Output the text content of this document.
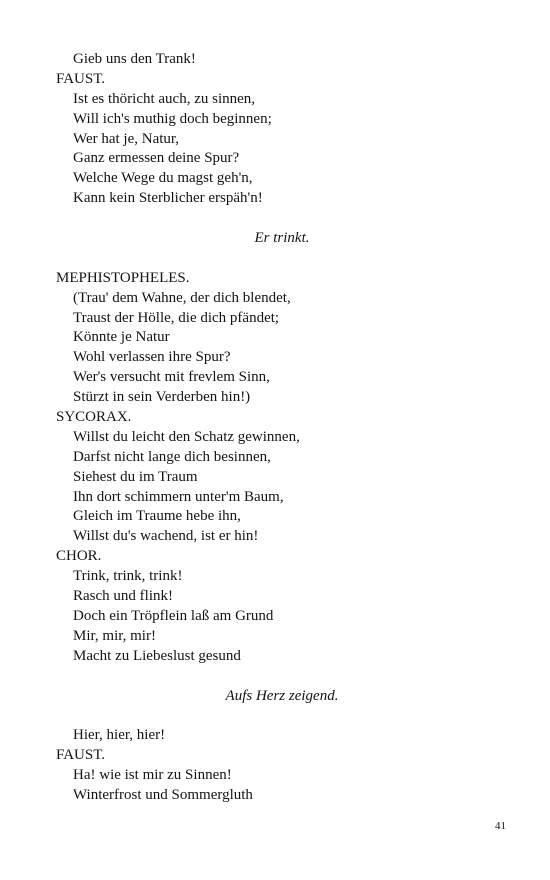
Gieb uns den Trank!
FAUST.
Ist es thöricht auch, zu sinnen,
Will ich's muthig doch beginnen;
Wer hat je, Natur,
Ganz ermessen deine Spur?
Welche Wege du magst geh'n,
Kann kein Sterblicher erspäh'n!
Er trinkt.
MEPHISTOPHELES.
(Trau' dem Wahne, der dich blendet,
Traust der Hölle, die dich pfändet;
Könnte je Natur
Wohl verlassen ihre Spur?
Wer's versucht mit frevlem Sinn,
Stürzt in sein Verderben hin!)
SYCORAX.
Willst du leicht den Schatz gewinnen,
Darfst nicht lange dich besinnen,
Siehest du im Traum
Ihn dort schimmern unter'm Baum,
Gleich im Traume hebe ihn,
Willst du's wachend, ist er hin!
CHOR.
Trink, trink, trink!
Rasch und flink!
Doch ein Tröpflein laß am Grund
Mir, mir, mir!
Macht zu Liebeslust gesund
Aufs Herz zeigend.
Hier, hier, hier!
FAUST.
Ha! wie ist mir zu Sinnen!
Winterfrost und Sommergluth
41
